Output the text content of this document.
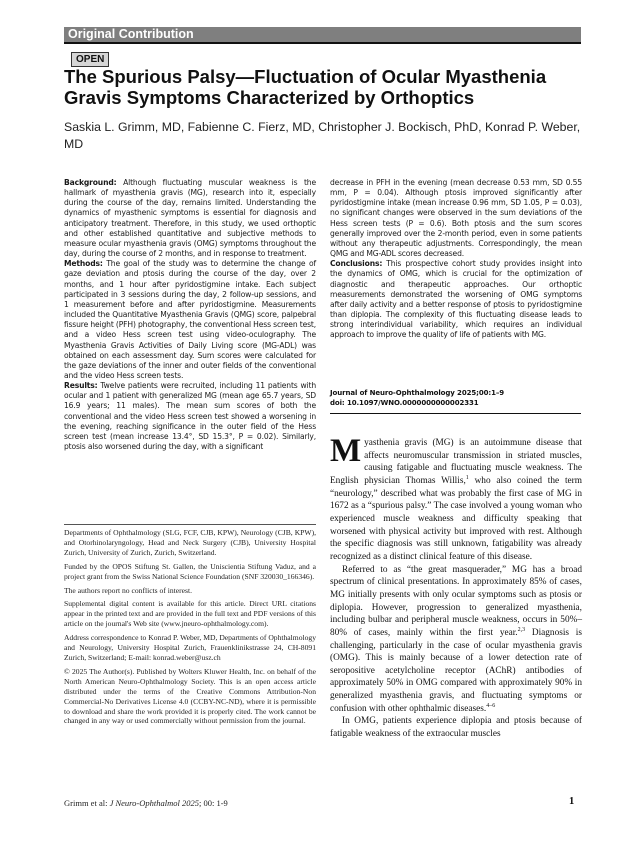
Original Contribution
OPEN
The Spurious Palsy—Fluctuation of Ocular Myasthenia Gravis Symptoms Characterized by Orthoptics
Saskia L. Grimm, MD, Fabienne C. Fierz, MD, Christopher J. Bockisch, PhD, Konrad P. Weber, MD

Background: Although fluctuating muscular weakness is the hallmark of myasthenia gravis (MG), research into it, especially during the course of the day, remains limited. Understanding the dynamics of myasthenic symptoms is essential for diagnosis and anticipatory treatment. Therefore, in this study, we used orthoptic and other established quantitative and subjective methods to measure ocular myasthenia gravis (OMG) symptoms throughout the day, during the course of 2 months, and in response to treatment.

Methods: The goal of the study was to determine the change of gaze deviation and ptosis during the course of the day, over 2 months, and 1 hour after pyridostigmine intake. Each subject participated in 3 sessions during the day, 2 follow-up sessions, and 1 measurement before and after pyridostigmine. Measurements included the Quantitative Myasthenia Gravis (QMG) score, palpebral fissure height (PFH) photography, the conventional Hess screen test, and a video Hess screen test using video-oculography. The Myasthenia Gravis Activities of Daily Living score (MG-ADL) was obtained on each assessment day. Sum scores were calculated for the gaze deviations of the inner and outer fields of the conventional and the video Hess screen tests.

Results: Twelve patients were recruited, including 11 patients with ocular and 1 patient with generalized MG (mean age 65.7 years, SD 16.9 years; 11 males). The mean sum scores of both the conventional and the video Hess screen test showed a worsening in the evening, reaching significance in the outer field of the Hess screen test (mean increase 13.4°, SD 15.3°, P = 0.02). Similarly, ptosis also worsened during the day, with a significant

decrease in PFH in the evening (mean decrease 0.53 mm, SD 0.55 mm, P = 0.04). Although ptosis improved significantly after pyridostigmine intake (mean increase 0.96 mm, SD 1.05, P = 0.03), no significant changes were observed in the sum deviations of the Hess screen tests (P = 0.6). Both ptosis and the sum scores generally improved over the 2-month period, even in some patients without any therapeutic adjustments. Correspondingly, the mean QMG and MG-ADL scores decreased.

Conclusions: This prospective cohort study provides insight into the dynamics of OMG, which is crucial for the optimization of diagnostic and therapeutic approaches. Our orthoptic measurements demonstrated the worsening of OMG symptoms after daily activity and a better response of ptosis to pyridostigmine than diplopia. The complexity of this fluctuating disease leads to strong interindividual variability, which requires an individual approach to improve the quality of life of patients with MG.

Journal of Neuro-Ophthalmology 2025;00:1–9
doi: 10.1097/WNO.0000000000002331

Departments of Ophthalmology (SLG, FCF, CJB, KPW), Neurology (CJB, KPW), and Otorhinolaryngology, Head and Neck Surgery (CJB), University Hospital Zurich, University of Zurich, Zurich, Switzerland.

Funded by the OPOS Stiftung St. Gallen, the Uniscientia Stiftung Vaduz, and a project grant from the Swiss National Science Foundation (SNF 320030_166346).

The authors report no conflicts of interest.

Supplemental digital content is available for this article. Direct URL citations appear in the printed text and are provided in the full text and PDF versions of this article on the journal's Web site (www.jneuro-ophthalmology.com).

Address correspondence to Konrad P. Weber, MD, Departments of Ophthalmology and Neurology, University Hospital Zurich, Frauenklinikstrasse 24, CH-8091 Zurich, Switzerland; E-mail: konrad.weber@usz.ch

© 2025 The Author(s). Published by Wolters Kluwer Health, Inc. on behalf of the North American Neuro-Ophthalmology Society. This is an open access article distributed under the terms of the Creative Commons Attribution-Non Commercial-No Derivatives License 4.0 (CCBY-NC-ND), where it is permissible to download and share the work provided it is properly cited. The work cannot be changed in any way or used commercially without permission from the journal.

Myasthenia gravis (MG) is an autoimmune disease that affects neuromuscular transmission in striated muscles, causing fatigable and fluctuating muscle weakness. The English physician Thomas Willis,$^1$ who also coined the term “neurology,” described what was probably the first case of MG in 1672 as a “spurious palsy.” The case involved a young woman who experienced muscle weakness and difficulty speaking that worsened with physical activity but improved with rest. Although the specific diagnosis was still unknown, fatigability was already recognized as a distinct clinical feature of this disease.

Referred to as “the great masquerader,” MG has a broad spectrum of clinical presentations. In approximately 85% of cases, MG initially presents with only ocular symptoms such as ptosis or diplopia. However, progression to generalized myasthenia, including bulbar and peripheral muscle weakness, occurs in 50%–80% of cases, mainly within the first year.$^{2,3}$ Diagnosis is challenging, particularly in the case of ocular myasthenia gravis (OMG). This is mainly because of a lower detection rate of seropositive acetylcholine receptor (AChR) antibodies of approximately 50% in OMG compared with approximately 90% in generalized myasthenia gravis, and fluctuating symptoms or confusion with other ophthalmic diseases.$^{4-6}$

In OMG, patients experience diplopia and ptosis because of fatigable weakness of the extraocular muscles

Grimm et al: J Neuro-Ophthalmol 2025; 00: 1-9	1
